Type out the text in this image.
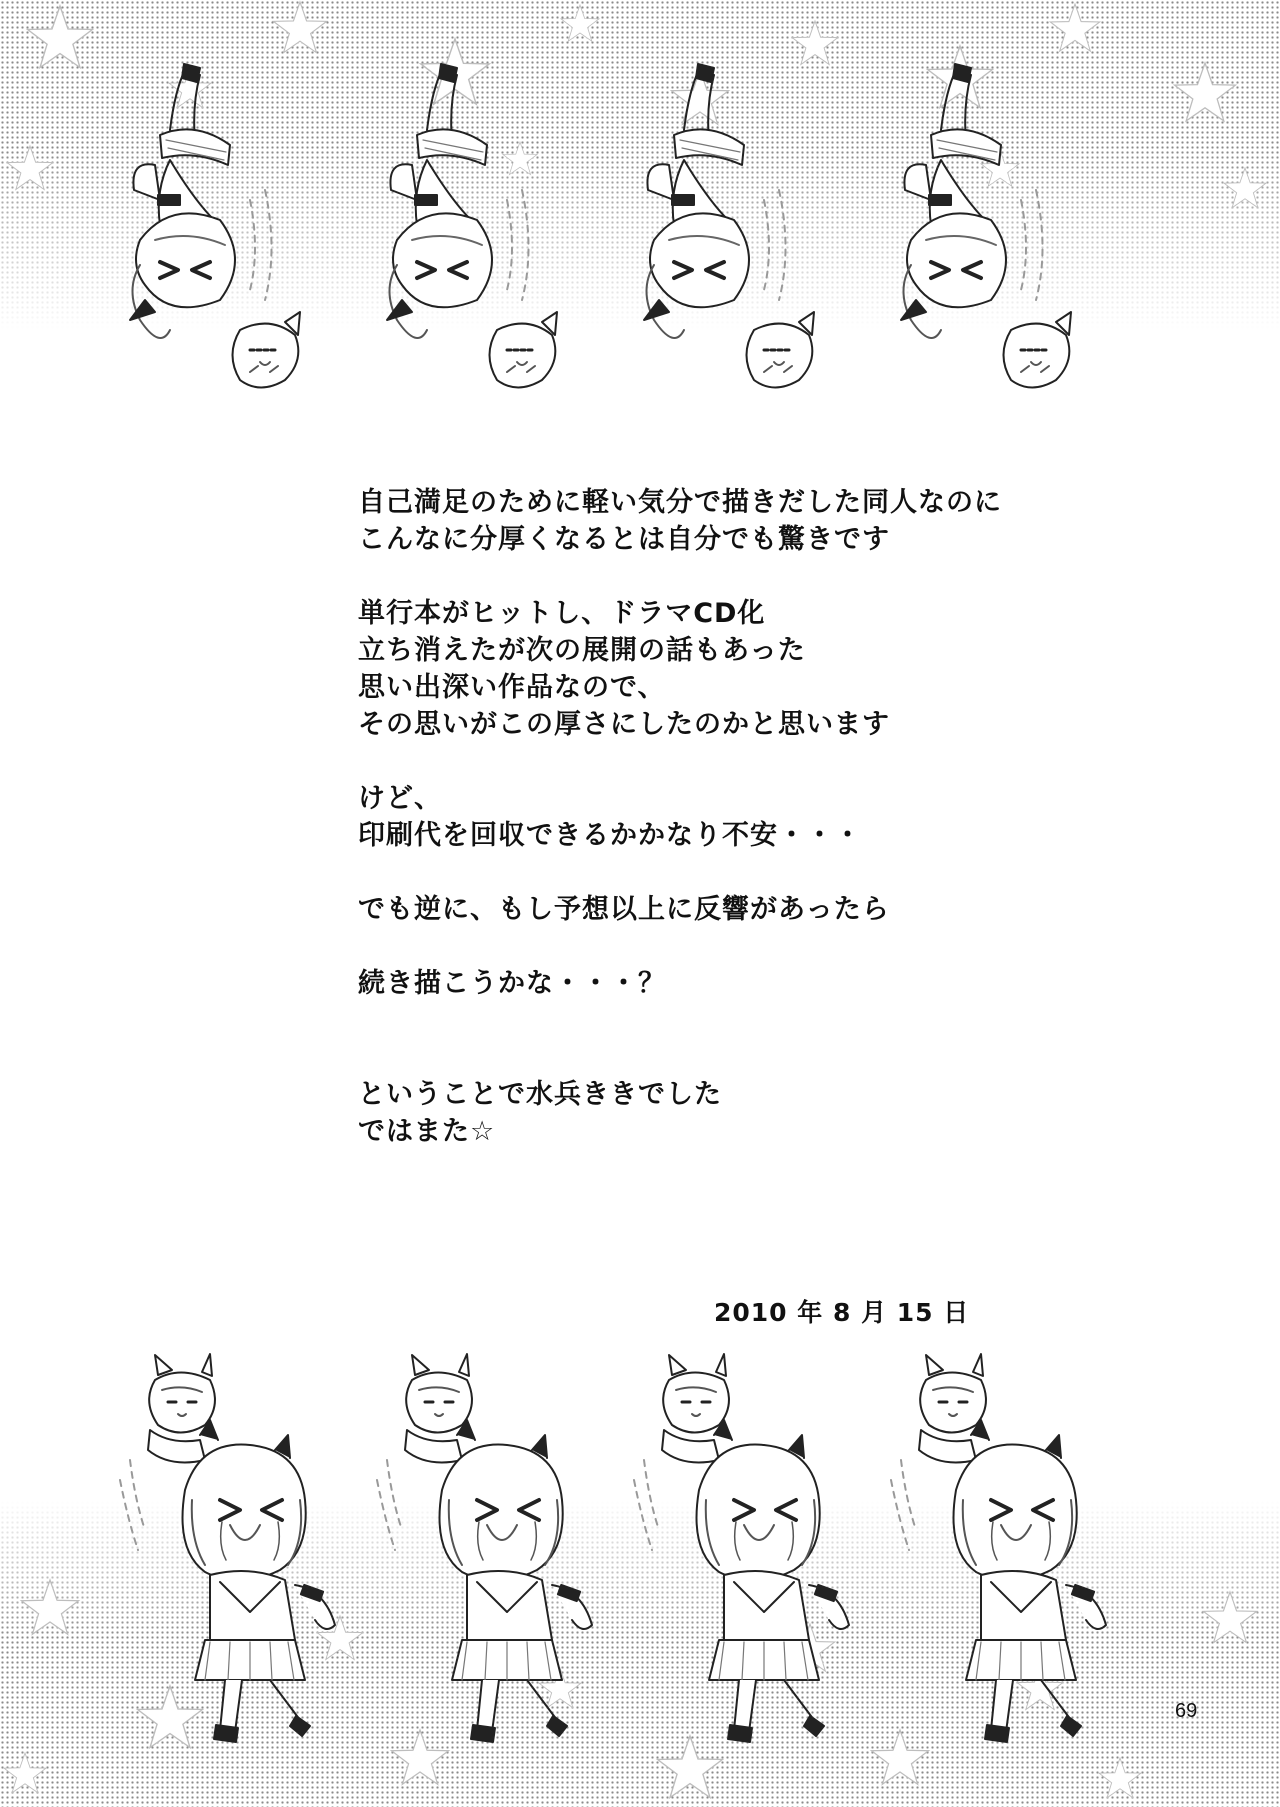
自己満足のために軽い気分で描きだした同人なのに
こんなに分厚くなるとは自分でも驚きです
単行本がヒットし、ドラマCD化
立ち消えたが次の展開の話もあった
思い出深い作品なので、
その思いがこの厚さにしたのかと思います
けど、
印刷代を回収できるかかなり不安・・・
でも逆に、もし予想以上に反響があったら
続き描こうかな・・・？
ということで水兵ききでした
ではまた☆
2010 年 8 月 15 日
69
